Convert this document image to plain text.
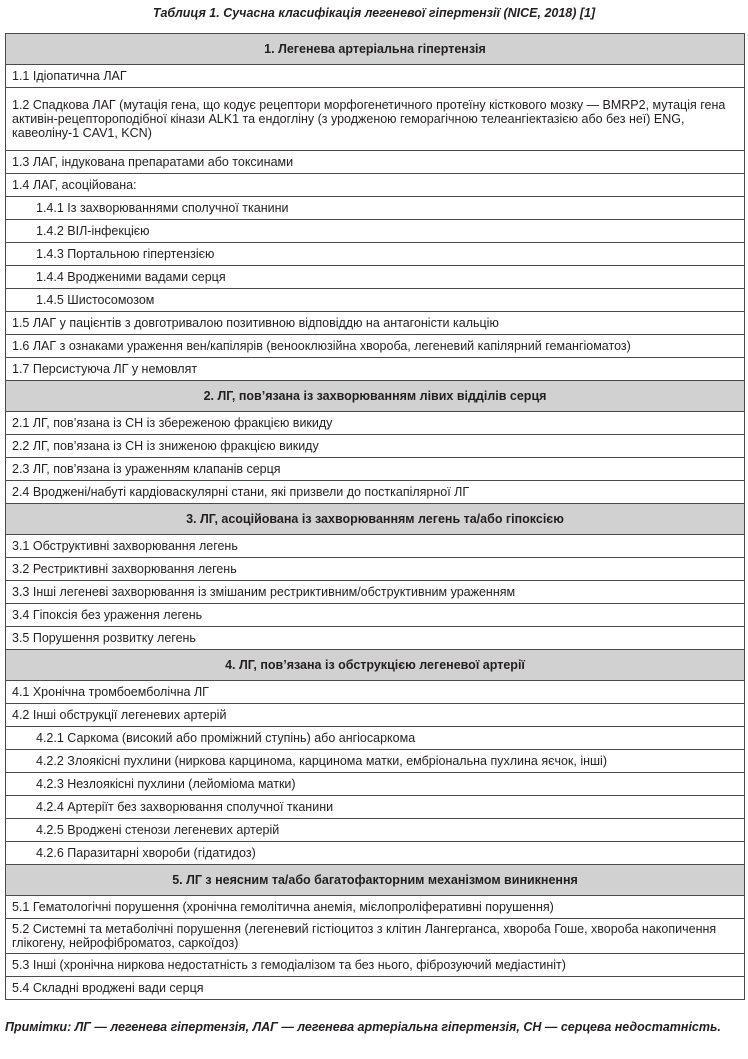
Таблиця 1. Сучасна класифікація легеневої гіпертензії (NICE, 2018) [1]
1. Легенева артеріальна гіпертензія
1.1 Ідіопатична ЛАГ
1.2 Спадкова ЛАГ (мутація гена, що кодує рецептори морфогенетичного протеїну кісткового мозку — BMRP2, мутація гена активін-рецептороподібної кінази ALK1 та ендогліну (з уродженою геморагічною телеангіектазією або без неї) ENG, кавеоліну-1 CAV1, KCN)
1.3 ЛАГ, індукована препаратами або токсинами
1.4 ЛАГ, асоційована:
1.4.1 Із захворюваннями сполучної тканини
1.4.2 ВІЛ-інфекцією
1.4.3 Портальною гіпертензією
1.4.4 Вродженими вадами серця
1.4.5 Шистосомозом
1.5 ЛАГ у пацієнтів з довготривалою позитивною відповіддю на антагоністи кальцію
1.6 ЛАГ з ознаками ураження вен/капілярів (венооклюзійна хвороба, легеневий капілярний гемангіоматоз)
1.7 Персистуюча ЛГ у немовлят
2. ЛГ, пов’язана із захворюванням лівих відділів серця
2.1 ЛГ, пов’язана із СН із збереженою фракцією викиду
2.2 ЛГ, пов’язана із СН із зниженою фракцією викиду
2.3 ЛГ, пов’язана із ураженням клапанів серця
2.4 Вроджені/набуті кардіоваскулярні стани, які призвели до посткапілярної ЛГ
3. ЛГ, асоційована із захворюванням легень та/або гіпоксією
3.1 Обструктивні захворювання легень
3.2 Рестриктивні захворювання легень
3.3 Інші легеневі захворювання із змішаним рестриктивним/обструктивним ураженням
3.4 Гіпоксія без ураження легень
3.5 Порушення розвитку легень
4. ЛГ, пов’язана із обструкцією легеневої артерії
4.1 Хронічна тромбоемболічна ЛГ
4.2 Інші обструкції легеневих артерій
4.2.1 Саркома (високий або проміжний ступінь) або ангіосаркома
4.2.2 Злоякісні пухлини (ниркова карцинома, карцинома матки, ембріональна пухлина яєчок, інші)
4.2.3 Незлоякісні пухлини (лейоміома матки)
4.2.4 Артеріїт без захворювання сполучної тканини
4.2.5 Вроджені стенози легеневих артерій
4.2.6 Паразитарні хвороби (гідатидоз)
5. ЛГ з неясним та/або багатофакторним механізмом виникнення
5.1 Гематологічні порушення (хронічна гемолітична анемія, мієлопроліферативні порушення)
5.2 Системні та метаболічні порушення (легеневий гістіоцитоз з клітин Лангерганса, хвороба Гоше, хвороба накопичення глікогену, нейрофіброматоз, саркоїдоз)
5.3 Інші (хронічна ниркова недостатність з гемодіалізом та без нього, фіброзуючий медіастиніт)
5.4 Складні вроджені вади серця
Примітки: ЛГ — легенева гіпертензія, ЛАГ — легенева артеріальна гіпертензія, СН — серцева недостатність.
